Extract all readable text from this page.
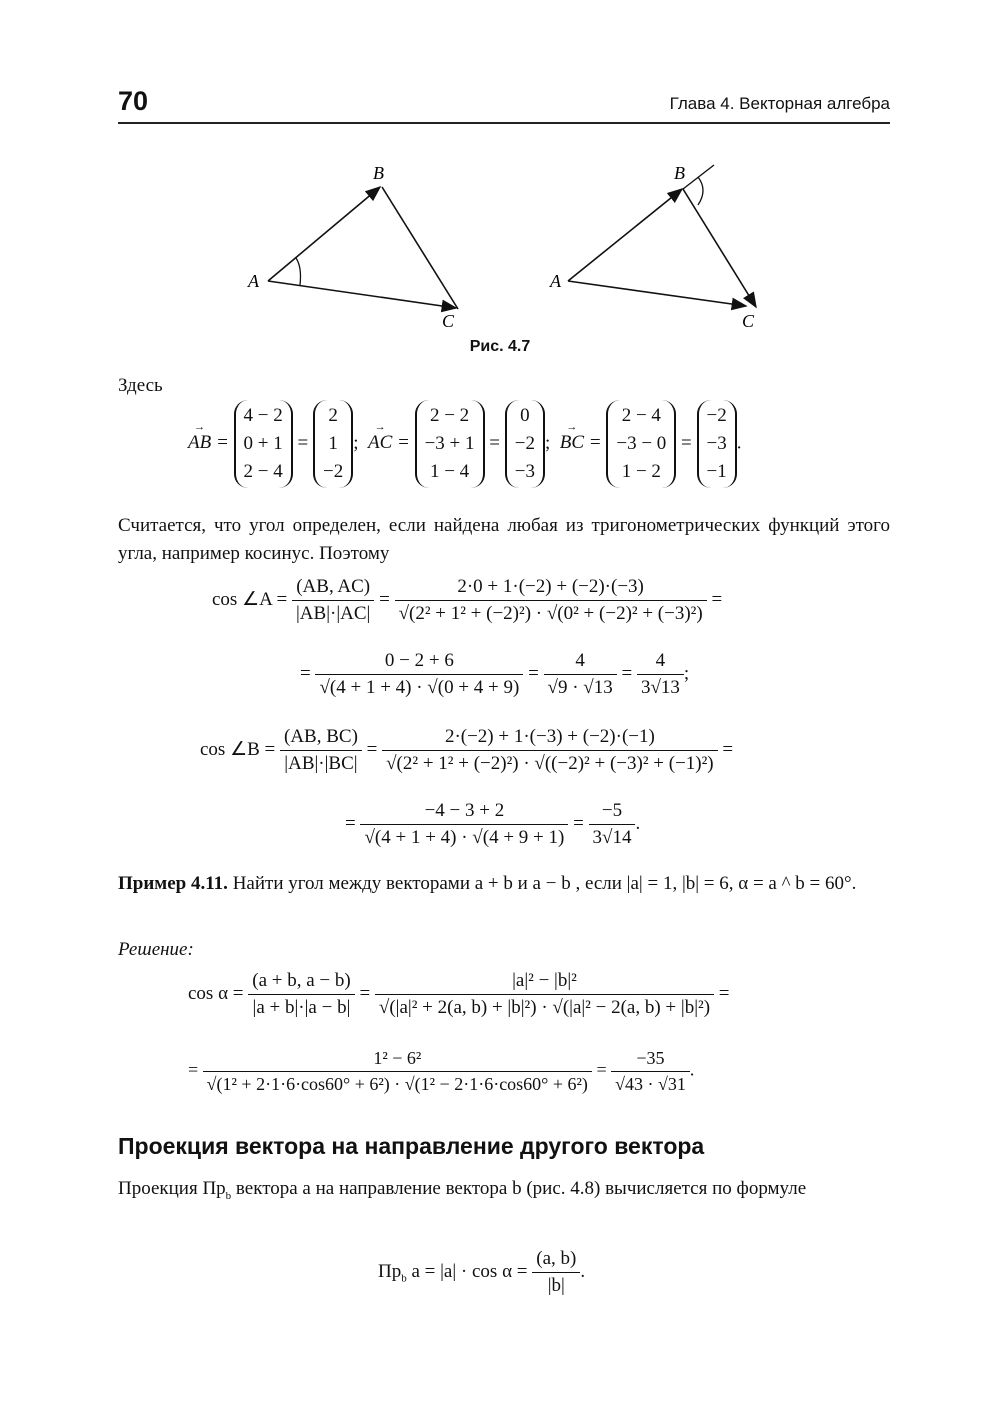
70	Глава 4. Векторная алгебра
A
B
C
A
B
C
Рис. 4.7
Здесь
→ AB = 4 − 2
0 + 1
2 − 4 = 2
1
−2;  → AC = 2 − 2
−3 + 1
1 − 4 = 0
−2
−3;  → BC = 2 − 4
−3 − 0
1 − 2 = −2
−3
−1.
Считается, что угол определен, если найдена любая из тригонометрических функций этого угла, например косинус. Поэтому
cos ∠A = $\frac{(AB, AC)}{|AB|\cdot|AC|} = \frac{2\cdot 0 + 1\cdot(-2) + (-2)\cdot(-3)}{\text{√(2² + 1² + (−2)²) · √(0² + (−2)² + (−3)²)}}$ =
= $\frac{0 - 2 + 6}{√(4 + 1 + 4) \cdot √(0 + 4 + 9)} = \frac{4}{√9 \cdot √13} = \frac{4}{3√13}$ ;
cos ∠B = $\frac{(AB, BC)}{|AB|\cdot|BC|} = \frac{2\cdot(-2) + 1\cdot(-3) + (-2)\cdot(-1)}{\text{√(2² + 1² + (−2)²) · √((−2)² + (−3)² + (−1)²)}}$ =
= $\frac{-4 - 3 + 2}{√(4 + 1 + 4) \cdot √(4 + 9 + 1)} = \frac{-5}{3√14}$ .
Пример 4.11. Найти угол между векторами a + b и a − b , если |a| = 1, |b| = 6, α = a ^ b = 60°.
Решение:
$\cos \alpha = \frac{(a + b, a - b)}{|a + b|\cdot|a - b|} = \frac{\text{|a|² − |b|²}}{\text{√(|a|² + 2(a, b) + |b|²) · √(|a|² − 2(a, b) + |b|²)}}$ =
= $\frac{\text{1² − 6²}}{\text{√(1² + 2·1·6·cos60° + 6²) · √(1² − 2·1·6·cos60° + 6²)}} = \frac{-35}{√43 \cdot √31}$ .
Проекция вектора на направление другого вектора
Проекция $Пр_b$ вектора a на направление вектора b (рис. 4.8) вычисляется по формуле
$Пр_b$ $a = |a| \cdot \cos \alpha = \frac{(a, b)}{|b|}$ .
